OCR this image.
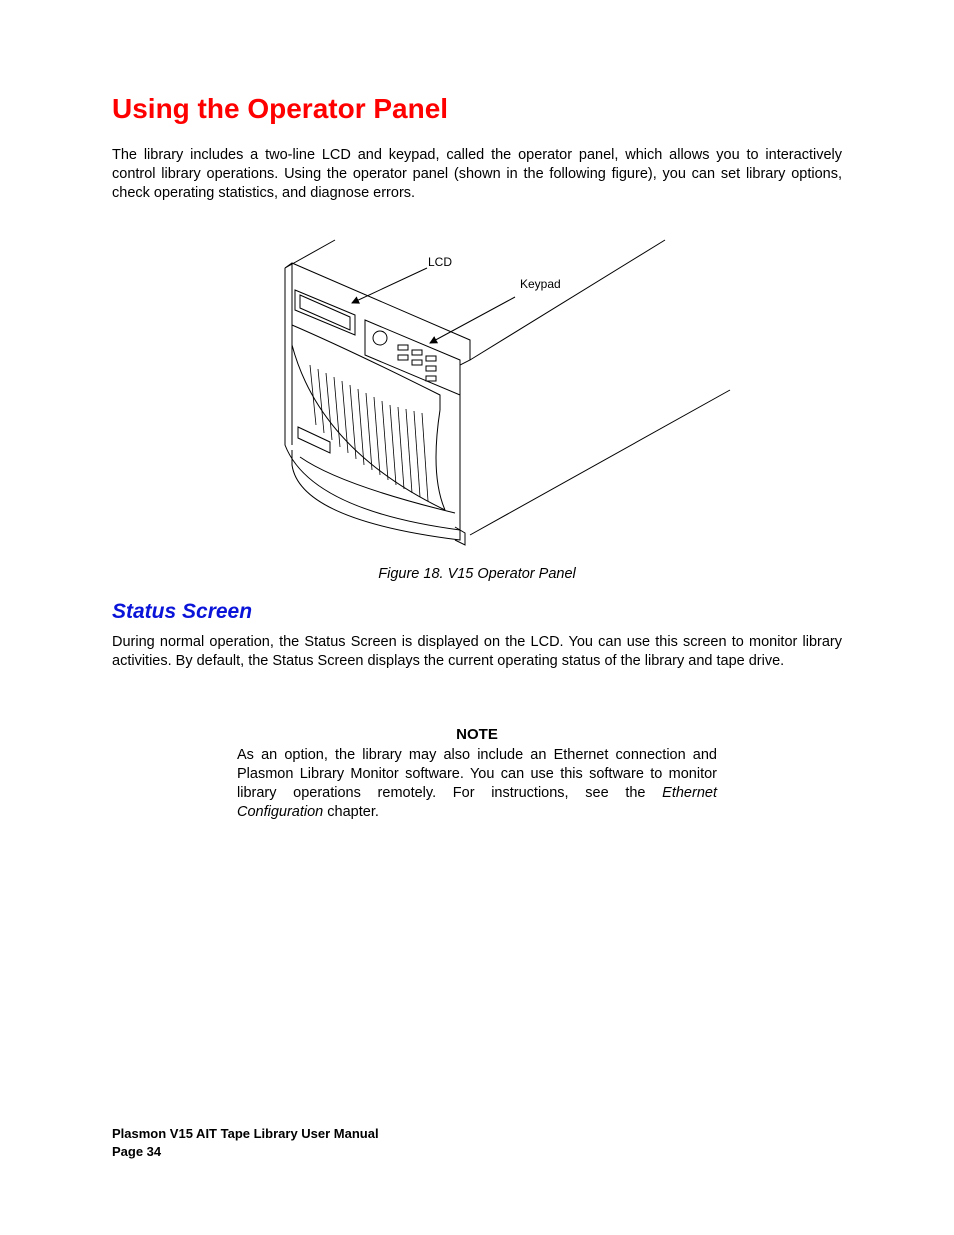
Using the Operator Panel

The library includes a two-line LCD and keypad, called the operator panel, which allows you to interactively control library operations. Using the operator panel (shown in the following figure), you can set library options, check operating statistics, and diagnose errors.

LCD
Keypad

Figure 18. V15 Operator Panel

Status Screen

During normal operation, the Status Screen is displayed on the LCD. You can use this screen to monitor library activities. By default, the Status Screen displays the current operating status of the library and tape drive.

NOTE

As an option, the library may also include an Ethernet connection and Plasmon Library Monitor software. You can use this software to monitor library operations remotely. For instructions, see the Ethernet Configuration chapter.

Plasmon V15 AIT Tape Library User Manual
Page 34
